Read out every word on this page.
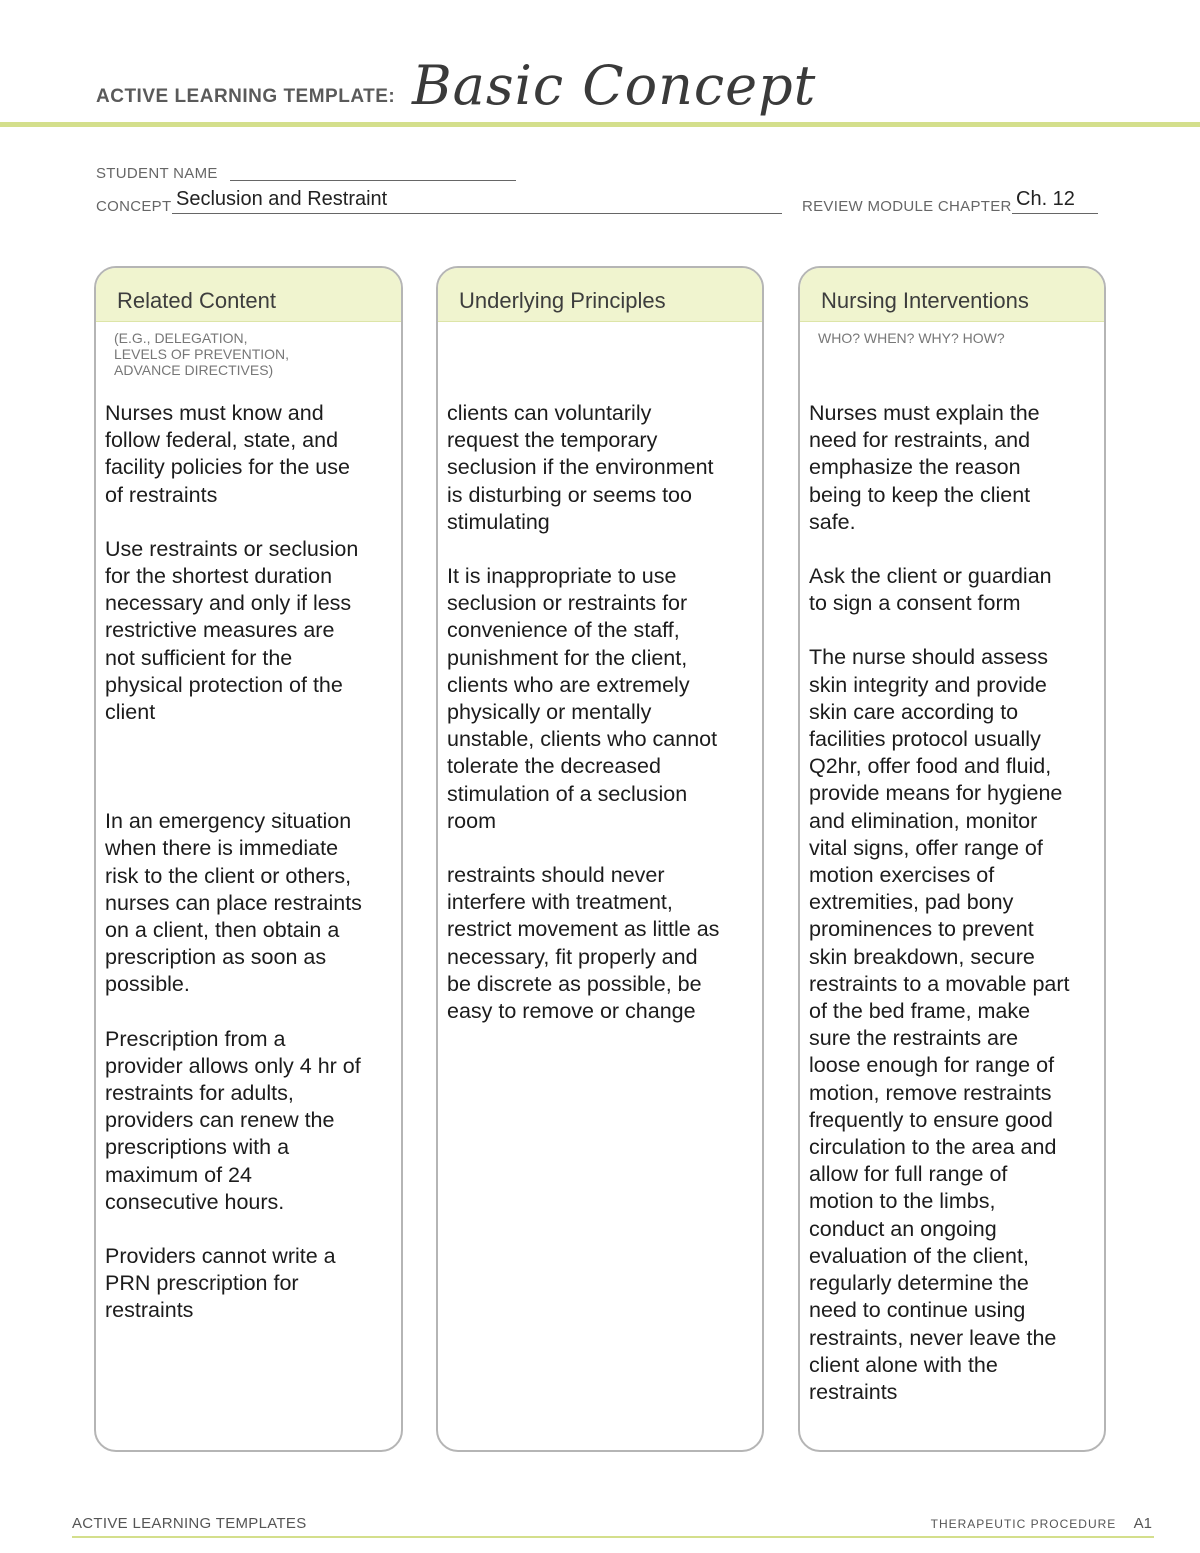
ACTIVE LEARNING TEMPLATE: Basic Concept
STUDENT NAME
CONCEPT Seclusion and Restraint	REVIEW MODULE CHAPTER Ch. 12
Related Content
(E.G., DELEGATION,
LEVELS OF PREVENTION,
ADVANCE DIRECTIVES)

Nurses must know and
follow federal, state, and
facility policies for the use
of restraints

Use restraints or seclusion
for the shortest duration
necessary and only if less
restrictive measures are
not sufficient for the
physical protection of the
client

In an emergency situation
when there is immediate
risk to the client or others,
nurses can place restraints
on a client, then obtain a
prescription as soon as
possible.

Prescription from a
provider allows only 4 hr of
restraints for adults,
providers can renew the
prescriptions with a
maximum of 24
consecutive hours.

Providers cannot write a
PRN prescription for
restraints

Underlying Principles

clients can voluntarily
request the temporary
seclusion if the environment
is disturbing or seems too
stimulating

It is inappropriate to use
seclusion or restraints for
convenience of the staff,
punishment for the client,
clients who are extremely
physically or mentally
unstable, clients who cannot
tolerate the decreased
stimulation of a seclusion
room

restraints should never
interfere with treatment,
restrict movement as little as
necessary, fit properly and
be discrete as possible, be
easy to remove or change

Nursing Interventions
WHO? WHEN? WHY? HOW?

Nurses must explain the
need for restraints, and
emphasize the reason
being to keep the client
safe.

Ask the client or guardian
to sign a consent form

The nurse should assess
skin integrity and provide
skin care according to
facilities protocol usually
Q2hr, offer food and fluid,
provide means for hygiene
and elimination, monitor
vital signs, offer range of
motion exercises of
extremities, pad bony
prominences to prevent
skin breakdown, secure
restraints to a movable part
of the bed frame, make
sure the restraints are
loose enough for range of
motion, remove restraints
frequently to ensure good
circulation to the area and
allow for full range of
motion to the limbs,
conduct an ongoing
evaluation of the client,
regularly determine the
need to continue using
restraints, never leave the
client alone with the
restraints

ACTIVE LEARNING TEMPLATES	THERAPEUTIC PROCEDURE A1
